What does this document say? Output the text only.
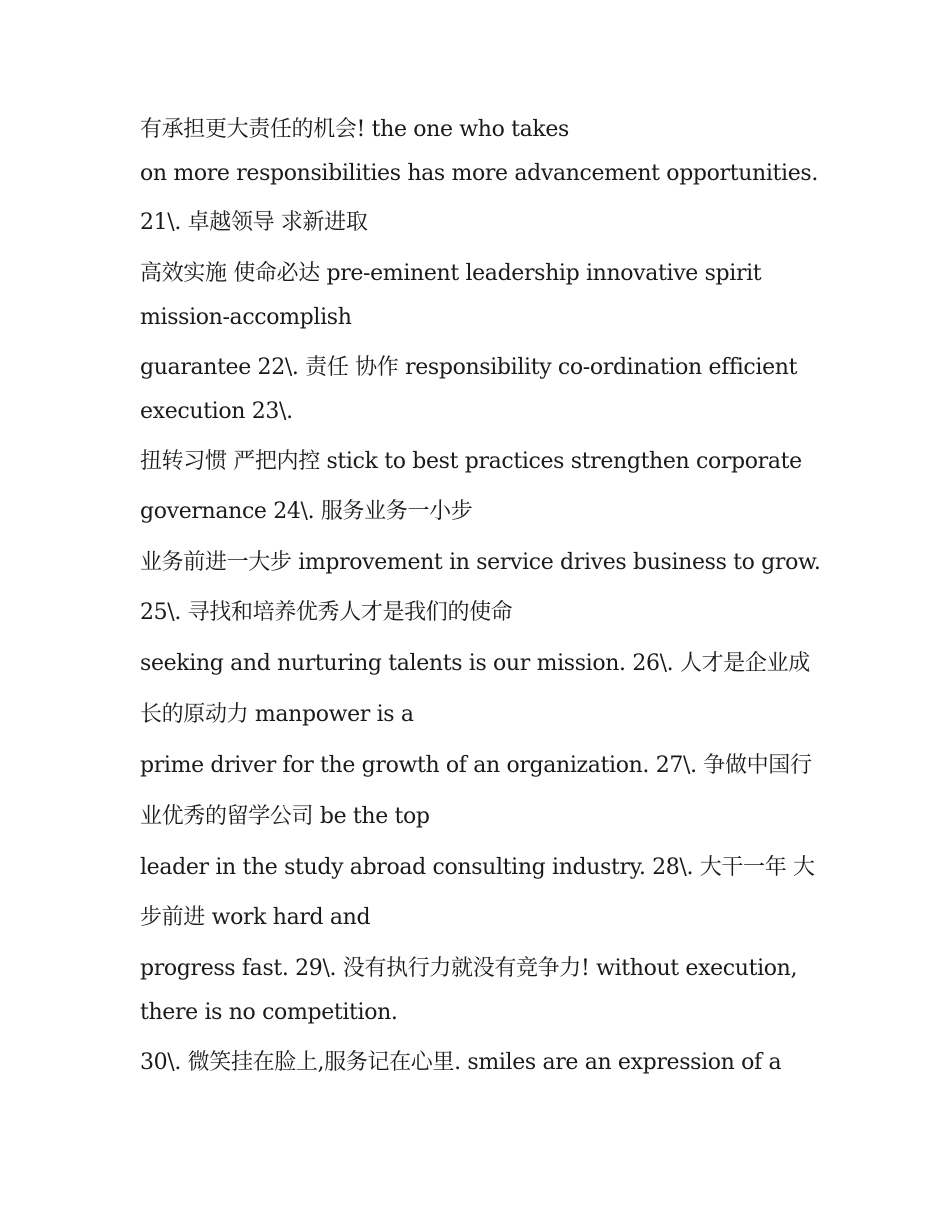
有承担更大责任的机会! the one who takes
on more responsibilities has more advancement opportunities.
21\. 卓越领导 求新进取
高效实施 使命必达 pre-eminent leadership innovative spirit
mission-accomplish
guarantee 22\. 责任 协作 responsibility co-ordination efficient
execution 23\.
扭转习惯 严把内控 stick to best practices strengthen corporate
governance 24\. 服务业务一小步
业务前进一大步 improvement in service drives business to grow.
25\. 寻找和培养优秀人才是我们的使命
seeking and nurturing talents is our mission. 26\. 人才是企业成
长的原动力 manpower is a
prime driver for the growth of an organization. 27\. 争做中国行
业优秀的留学公司 be the top
leader in the study abroad consulting industry. 28\. 大干一年 大
步前进 work hard and
progress fast. 29\. 没有执行力就没有竞争力! without execution,
there is no competition.
30\. 微笑挂在脸上,服务记在心里. smiles are an expression of a
